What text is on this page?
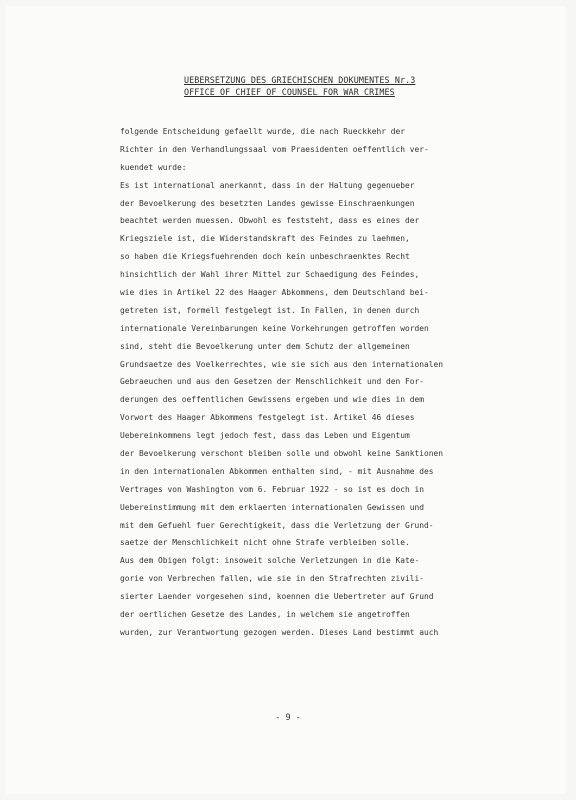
UEBERSETZUNG DES GRIECHISCHEN DOKUMENTES Nr.3
OFFICE OF CHIEF OF COUNSEL FOR WAR CRIMES
folgende Entscheidung gefaellt wurde, die nach Rueckkehr der
Richter in den Verhandlungssaal vom Praesidenten oeffentlich ver-
kuendet wurde:
Es ist international anerkannt, dass in der Haltung gegenueber
der Bevoelkerung des besetzten Landes gewisse Einschraenkungen
beachtet werden muessen. Obwohl es feststeht, dass es eines der
Kriegsziele ist, die Widerstandskraft des Feindes zu laehmen,
so haben die Kriegsfuehrenden doch kein unbeschraenktes Recht
hinsichtlich der Wahl ihrer Mittel zur Schaedigung des Feindes,
wie dies in Artikel 22 des Haager Abkommens, dem Deutschland bei-
getreten ist, formell festgelegt ist. In Fallen, in denen durch
internationale Vereinbarungen keine Vorkehrungen getroffen worden
sind, steht die Bevoelkerung unter dem Schutz der allgemeinen
Grundsaetze des Voelkerrechtes, wie sie sich aus den internationalen
Gebraeuchen und aus den Gesetzen der Menschlichkeit und den For-
derungen des oeffentlichen Gewissens ergeben und wie dies in dem
Vorwort des Haager Abkommens festgelegt ist. Artikel 46 dieses
Uebereinkommens legt jedoch fest, dass das Leben und Eigentum
der Bevoelkerung verschont bleiben solle und obwohl keine Sanktionen
in den internationalen Abkommen enthalten sind, - mit Ausnahme des
Vertrages von Washington vom 6. Februar 1922 - so ist es doch in
Uebereinstimmung mit dem erklaerten internationalen Gewissen und
mit dem Gefuehl fuer Gerechtigkeit, dass die Verletzung der Grund-
saetze der Menschlichkeit nicht ohne Strafe verbleiben solle.
Aus dem Obigen folgt: insoweit solche Verletzungen in die Kate-
gorie von Verbrechen fallen, wie sie in den Strafrechten zivili-
sierter Laender vorgesehen sind, koennen die Uebertreter auf Grund
der oertlichen Gesetze des Landes, in welchem sie angetroffen
wurden, zur Verantwortung gezogen werden. Dieses Land bestimmt auch
- 9 -
